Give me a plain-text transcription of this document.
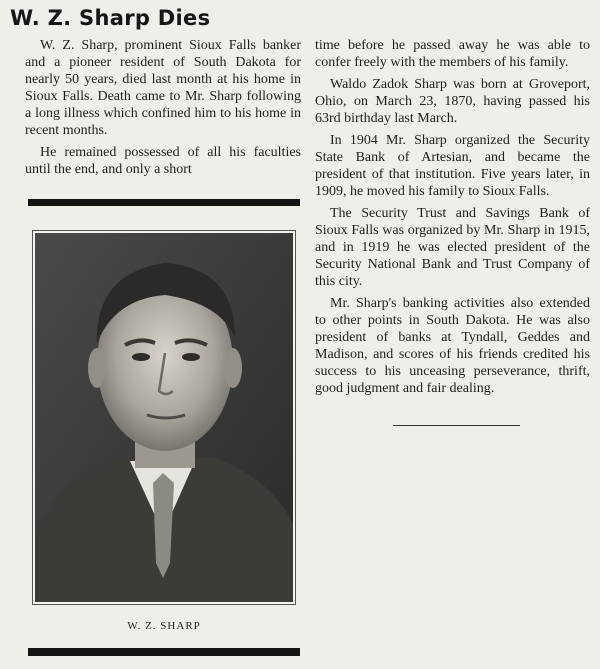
W. Z. Sharp Dies

W. Z. Sharp, prominent Sioux Falls banker and a pioneer resident of South Dakota for nearly 50 years, died last month at his home in Sioux Falls. Death came to Mr. Sharp following a long illness which confined him to his home in recent months.

He remained possessed of all his faculties until the end, and only a short

W. Z. SHARP

time before he passed away he was able to confer freely with the members of his family.

Waldo Zadok Sharp was born at Groveport, Ohio, on March 23, 1870, having passed his 63rd birthday last March.

In 1904 Mr. Sharp organized the Security State Bank of Artesian, and became the president of that institution. Five years later, in 1909, he moved his family to Sioux Falls.

The Security Trust and Savings Bank of Sioux Falls was organized by Mr. Sharp in 1915, and in 1919 he was elected president of the Security National Bank and Trust Company of this city.

Mr. Sharp's banking activities also extended to other points in South Dakota. He was also president of banks at Tyndall, Geddes and Madison, and scores of his friends credited his success to his unceasing perseverance, thrift, good judgment and fair dealing.
